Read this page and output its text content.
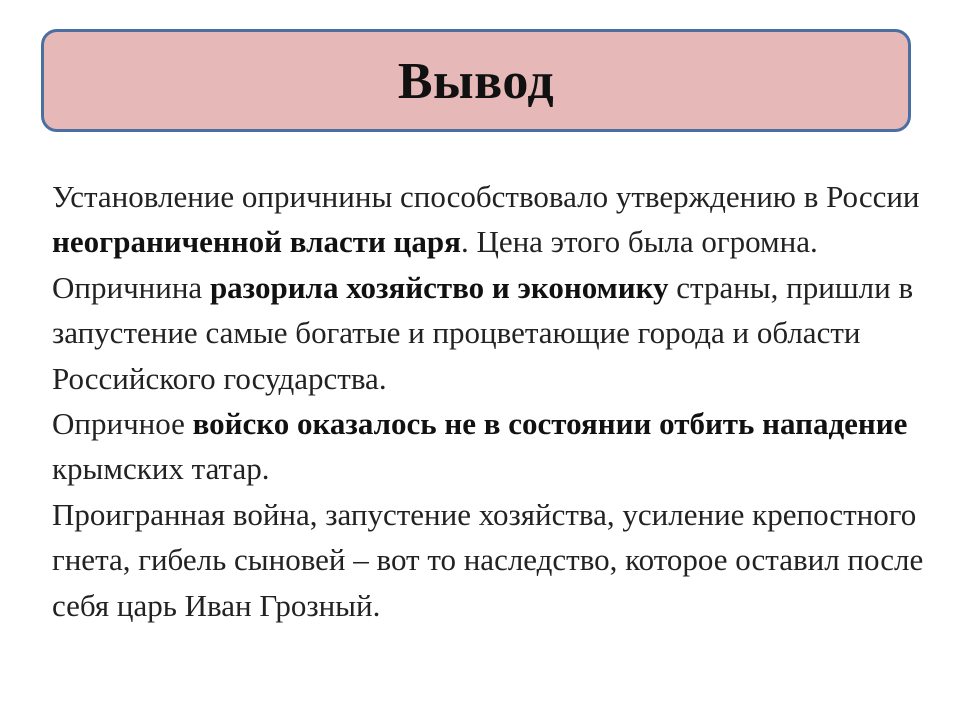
Вывод

Установление опричнины способствовало утверждению в России неограниченной власти царя. Цена этого была огромна. Опричнина разорила хозяйство и экономику страны, пришли в запустение самые богатые и процветающие города и области Российского государства.

Опричное войско оказалось не в состоянии отбить нападение крымских татар.

Проигранная война, запустение хозяйства, усиление крепостного гнета, гибель сыновей – вот то наследство, которое оставил после себя царь Иван Грозный.
